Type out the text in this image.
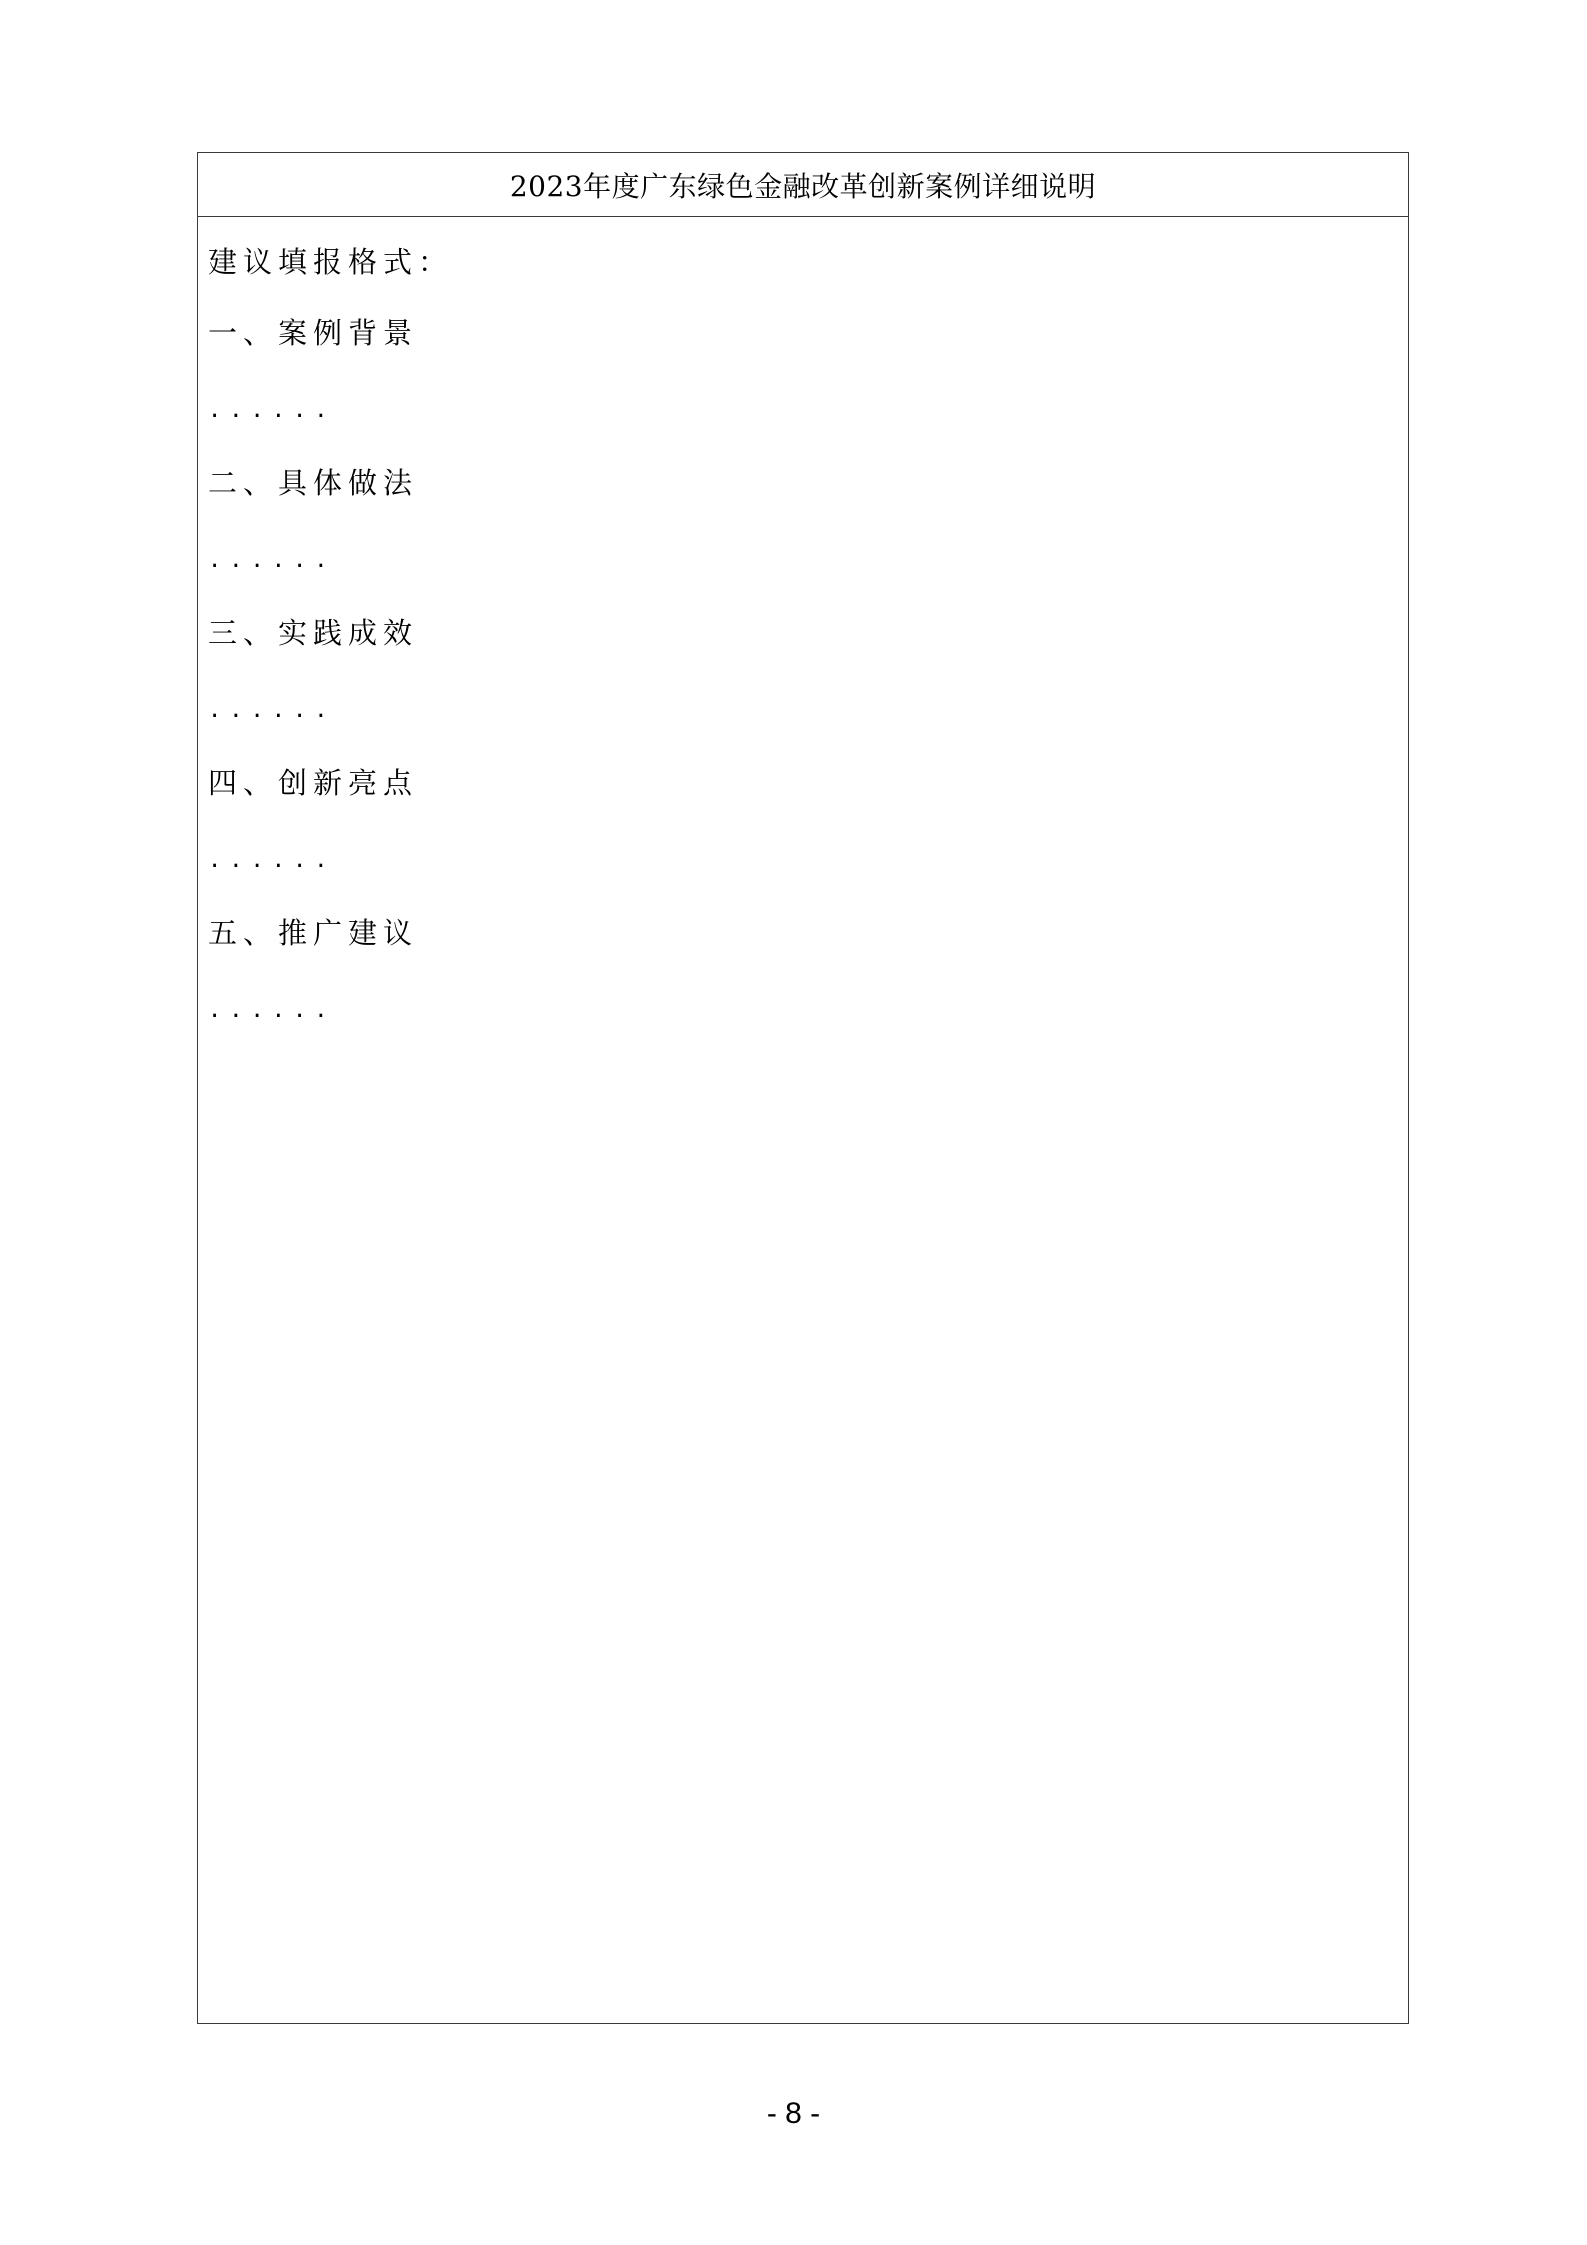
2023年度广东绿色金融改革创新案例详细说明
建议填报格式：
一、案例背景
......
二、具体做法
......
三、实践成效
......
四、创新亮点
......
五、推广建议
......
- 8 -
